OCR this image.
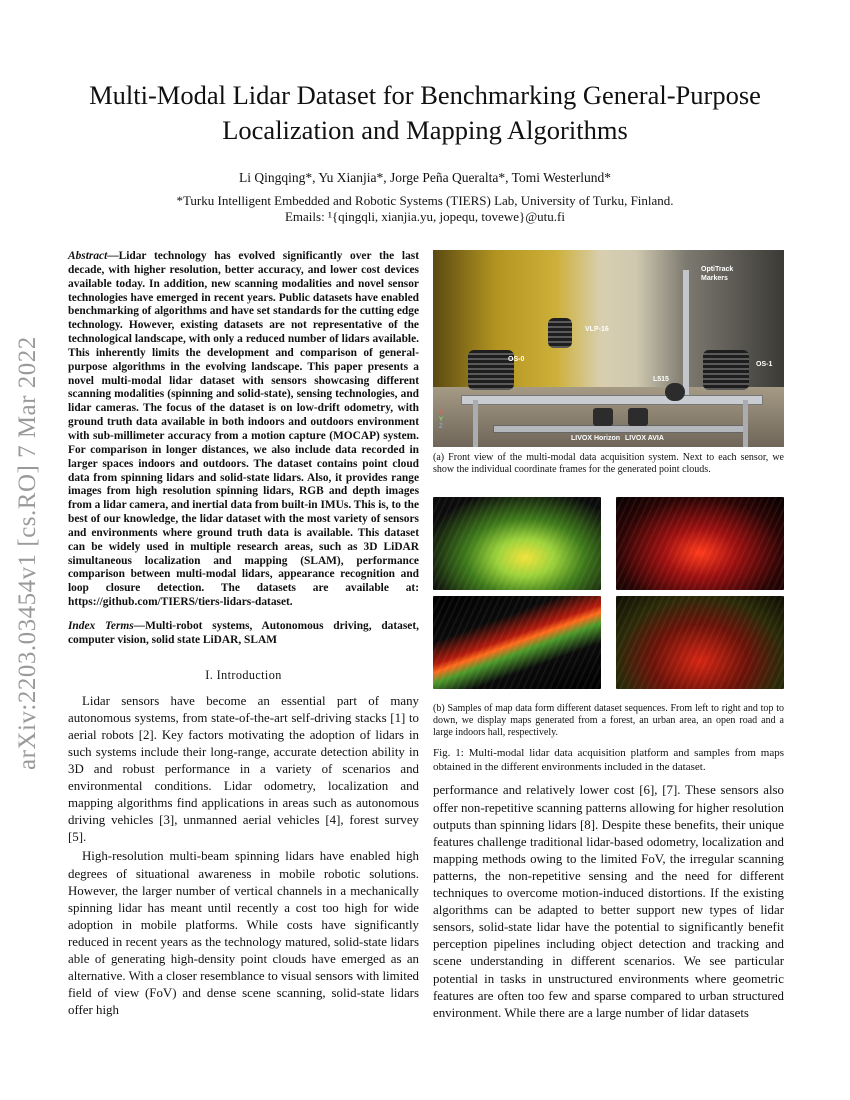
arXiv:2203.03454v1 [cs.RO] 7 Mar 2022
Multi-Modal Lidar Dataset for Benchmarking General-Purpose Localization and Mapping Algorithms
Li Qingqing*, Yu Xianjia*, Jorge Peña Queralta*, Tomi Westerlund*
*Turku Intelligent Embedded and Robotic Systems (TIERS) Lab, University of Turku, Finland.
Emails: ¹{qingqli, xianjia.yu, jopequ, tovewe}@utu.fi

Abstract—Lidar technology has evolved significantly over the last decade, with higher resolution, better accuracy, and lower cost devices available today. In addition, new scanning modalities and novel sensor technologies have emerged in recent years. Public datasets have enabled benchmarking of algorithms and have set standards for the cutting edge technology. However, existing datasets are not representative of the technological landscape, with only a reduced number of lidars available. This inherently limits the development and comparison of general-purpose algorithms in the evolving landscape. This paper presents a novel multi-modal lidar dataset with sensors showcasing different scanning modalities (spinning and solid-state), sensing technologies, and lidar cameras. The focus of the dataset is on low-drift odometry, with ground truth data available in both indoors and outdoors environment with sub-millimeter accuracy from a motion capture (MOCAP) system. For comparison in longer distances, we also include data recorded in larger spaces indoors and outdoors. The dataset contains point cloud data from spinning lidars and solid-state lidars. Also, it provides range images from high resolution spinning lidars, RGB and depth images from a lidar camera, and inertial data from built-in IMUs. This is, to the best of our knowledge, the lidar dataset with the most variety of sensors and environments where ground truth data is available. This dataset can be widely used in multiple research areas, such as 3D LiDAR simultaneous localization and mapping (SLAM), performance comparison between multi-modal lidars, appearance recognition and loop closure detection. The datasets are available at: https://github.com/TIERS/tiers-lidars-dataset.

Index Terms—Multi-robot systems, Autonomous driving, dataset, computer vision, solid state LiDAR, SLAM

I. Introduction

Lidar sensors have become an essential part of many autonomous systems, from state-of-the-art self-driving stacks [1] to aerial robots [2]. Key factors motivating the adoption of lidars in such systems include their long-range, accurate detection ability in 3D and robust performance in a variety of scenarios and environmental conditions. Lidar odometry, localization and mapping algorithms find applications in areas such as autonomous driving vehicles [3], unmanned aerial vehicles [4], forest survey [5].

High-resolution multi-beam spinning lidars have enabled high degrees of situational awareness in mobile robotic solutions. However, the larger number of vertical channels in a mechanically spinning lidar has meant until recently a cost too high for wide adoption in mobile platforms. While costs have significantly reduced in recent years as the technology matured, solid-state lidars able of generating high-density point clouds have emerged as an alternative. With a closer resemblance to visual sensors with limited field of view (FoV) and dense scene scanning, solid-state lidars offer high

OptiTrack
Markers
VLP-16
OS-0
OS-1
L515
LIVOX Horizon LIVOX AVIA
X
Y
Z

(a) Front view of the multi-modal data acquisition system. Next to each sensor, we show the individual coordinate frames for the generated point clouds.

(b) Samples of map data form different dataset sequences. From left to right and top to down, we display maps generated from a forest, an urban area, an open road and a large indoors hall, respectively.

Fig. 1: Multi-modal lidar data acquisition platform and samples from maps obtained in the different environments included in the dataset.

performance and relatively lower cost [6], [7]. These sensors also offer non-repetitive scanning patterns allowing for higher resolution outputs than spinning lidars [8]. Despite these benefits, their unique features challenge traditional lidar-based odometry, localization and mapping methods owing to the limited FoV, the irregular scanning patterns, the non-repetitive sensing and the need for different techniques to overcome motion-induced distortions. If the existing algorithms can be adapted to better support new types of lidar sensors, solid-state lidar have the potential to significantly benefit perception pipelines including object detection and tracking and scene understanding in different scenarios. We see particular potential in tasks in unstructured environments where geometric features are often too few and sparse compared to urban structured environment. While there are a large number of lidar datasets
